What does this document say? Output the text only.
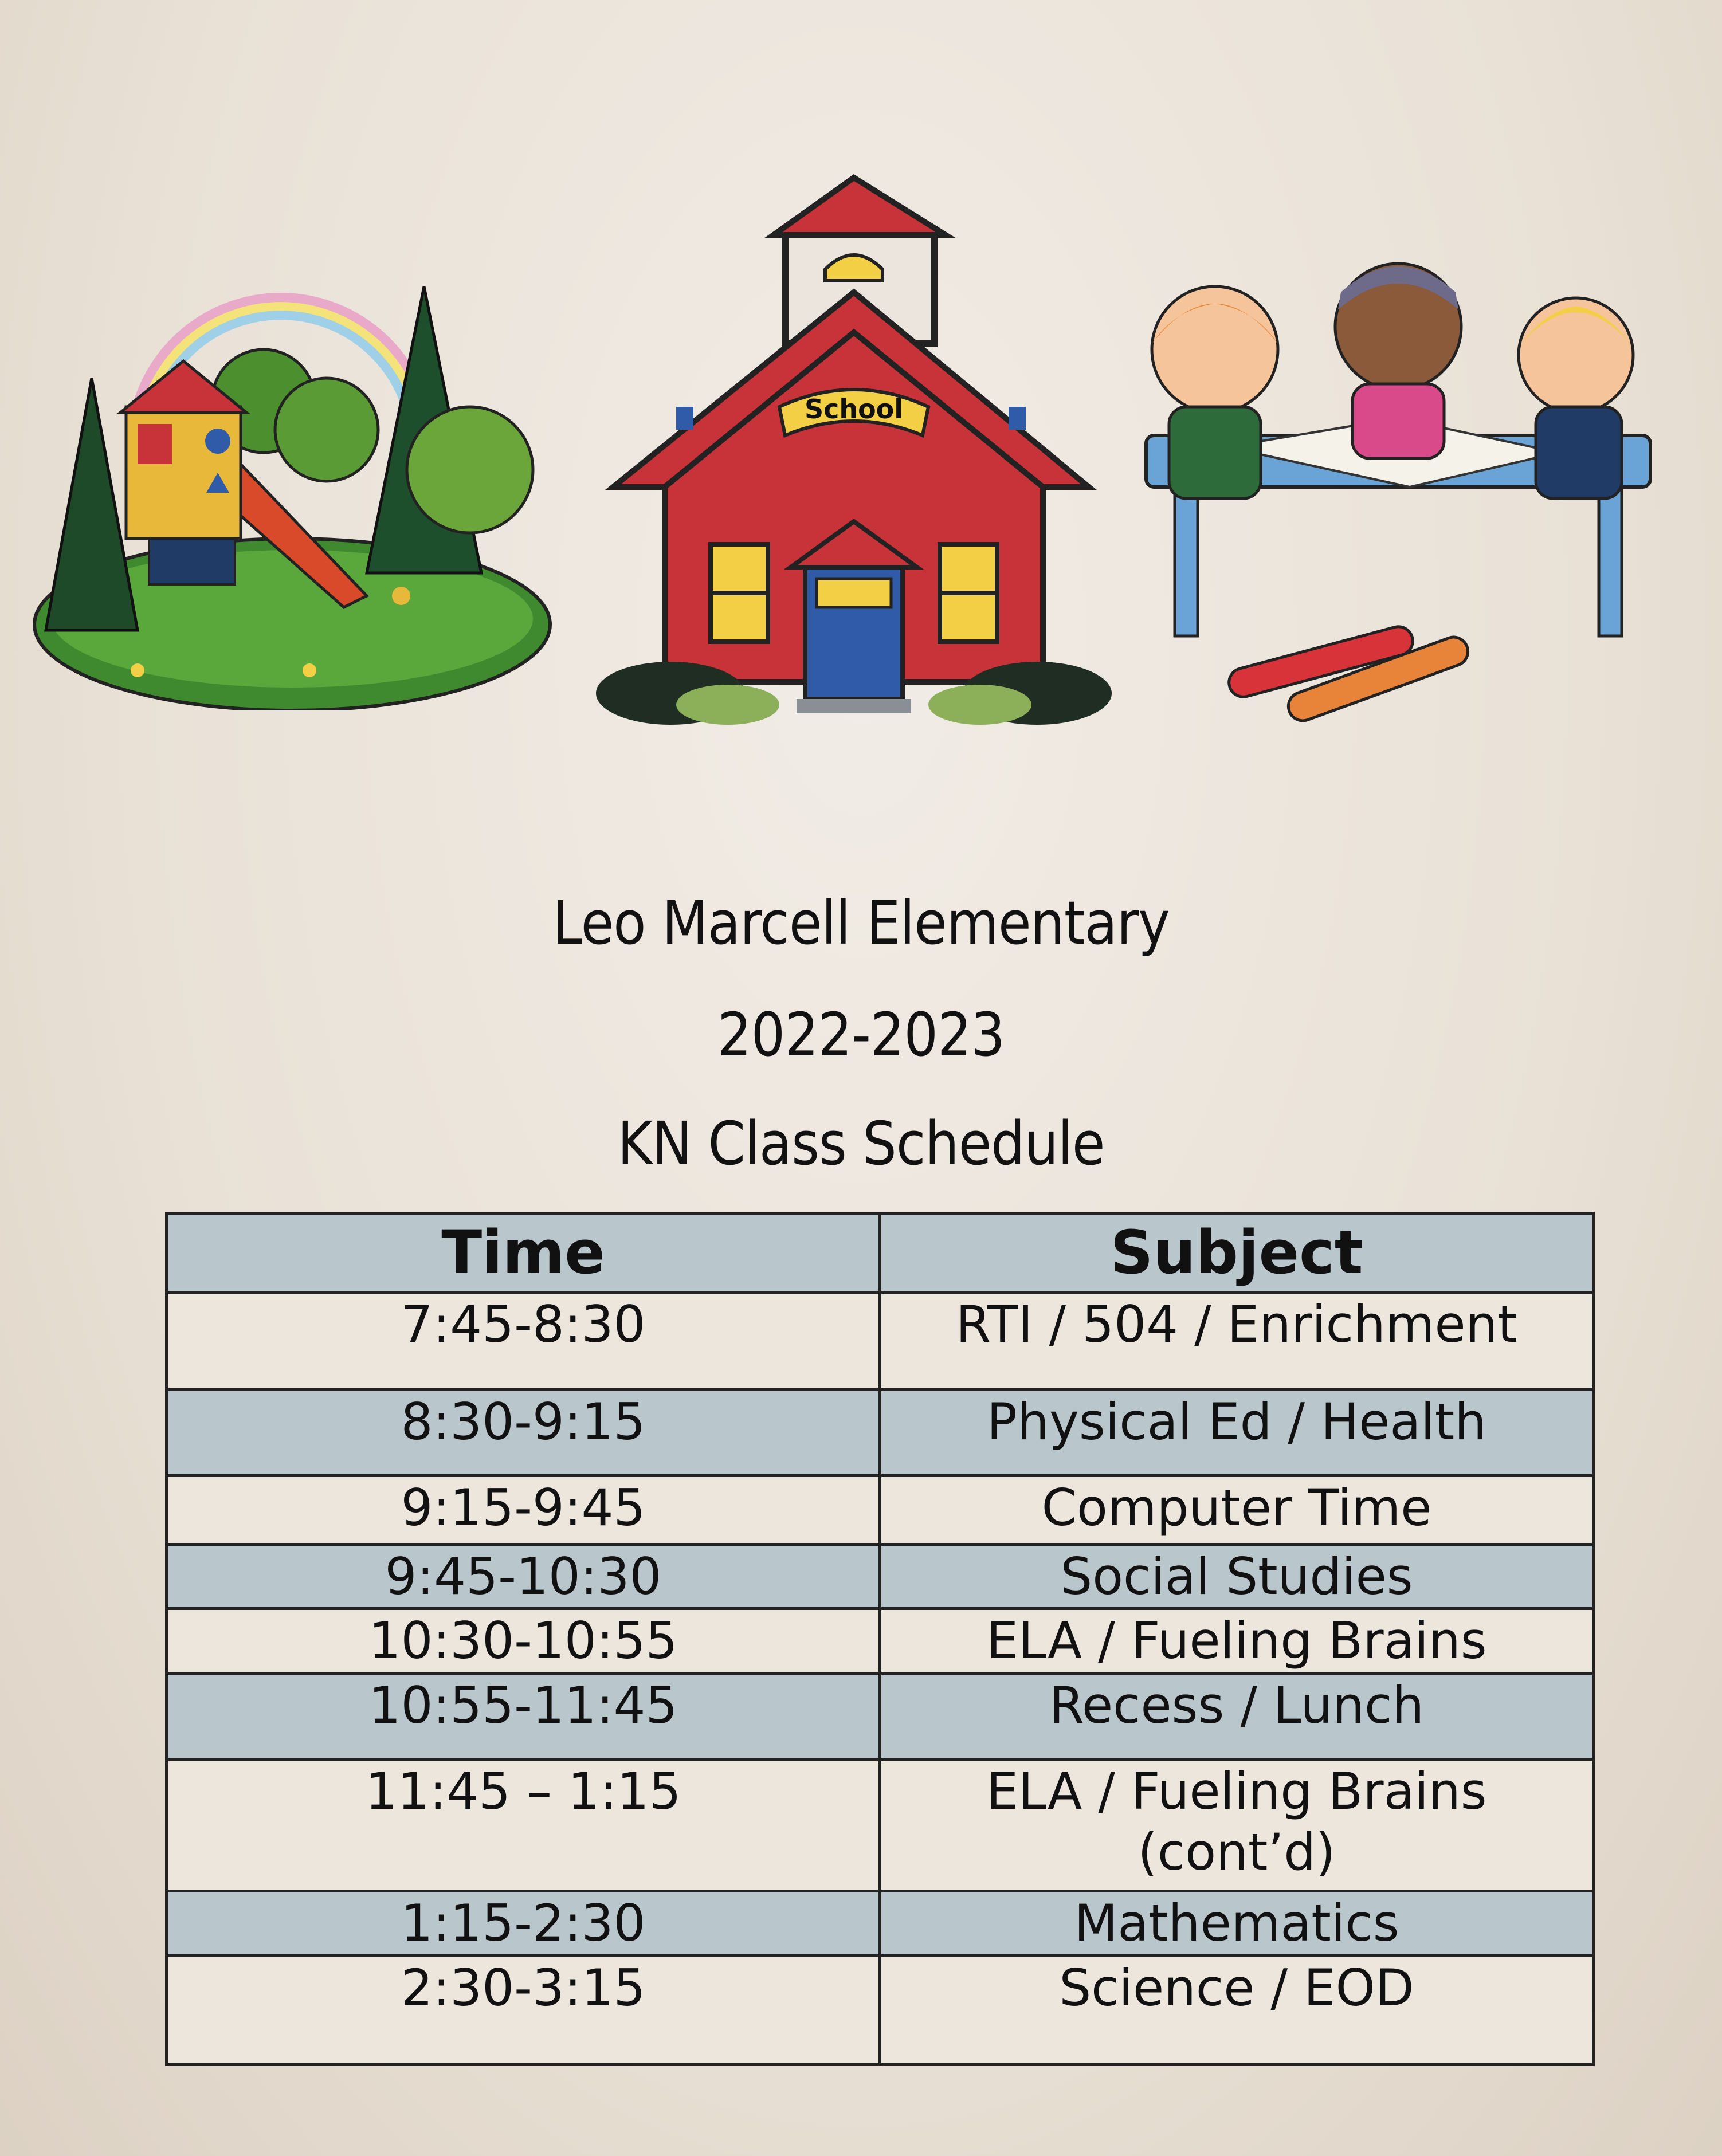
School
Leo Marcell Elementary
2022-2023
KN Class Schedule
Time	Subject
7:45-8:30	RTI / 504 / Enrichment
8:30-9:15	Physical Ed / Health
9:15-9:45	Computer Time
9:45-10:30	Social Studies
10:30-10:55	ELA / Fueling Brains
10:55-11:45	Recess / Lunch
11:45 – 1:15	ELA / Fueling Brains
(cont’d)

1:15-2:30	Mathematics
2:30-3:15	Science / EOD
